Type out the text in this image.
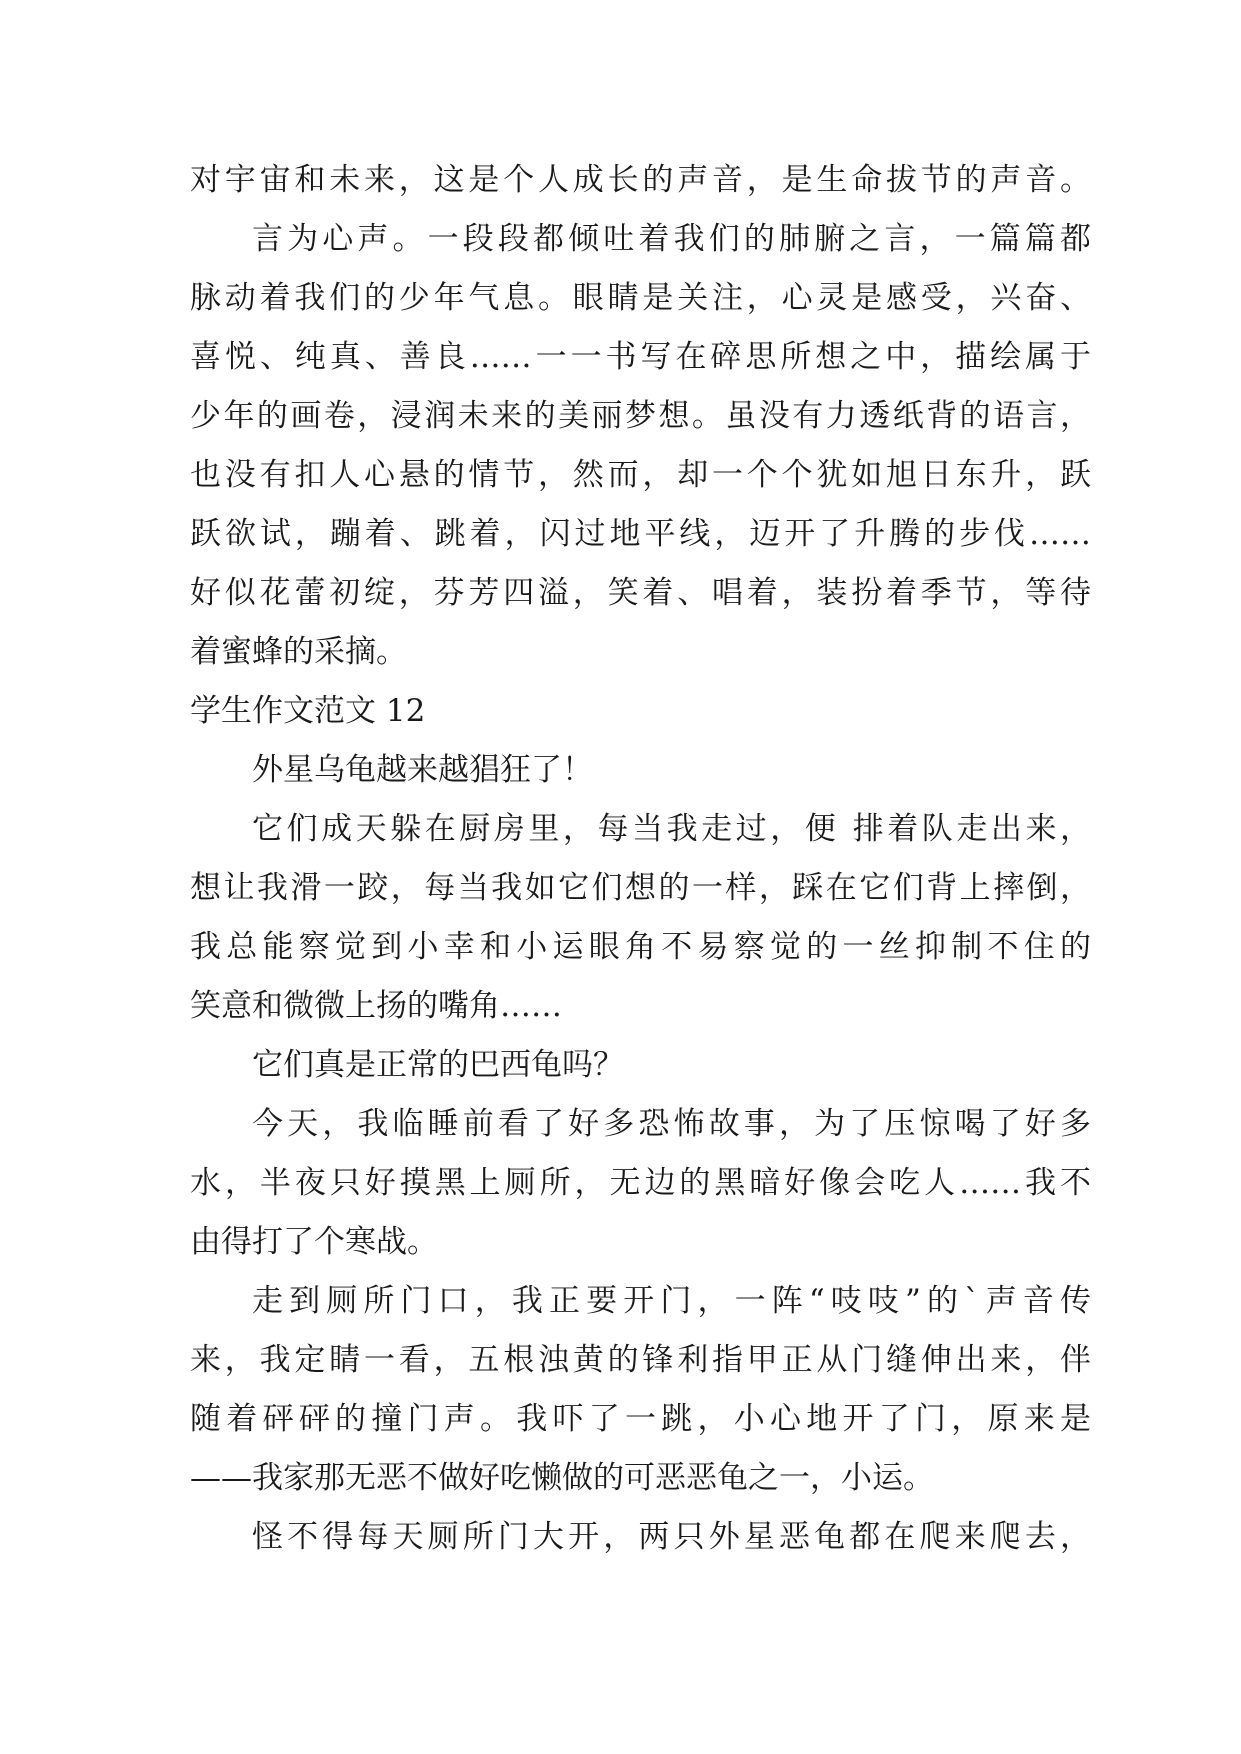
对宇宙和未来，这是个人成长的声音，是生命拔节的声音。
言为心声。一段段都倾吐着我们的肺腑之言，一篇篇都
脉动着我们的少年气息。眼睛是关注，心灵是感受，兴奋、
喜悦、纯真、善良……一一书写在碎思所想之中，描绘属于
少年的画卷，浸润未来的美丽梦想。虽没有力透纸背的语言，
也没有扣人心悬的情节，然而，却一个个犹如旭日东升，跃
跃欲试，蹦着、跳着，闪过地平线，迈开了升腾的步伐……
好似花蕾初绽，芬芳四溢，笑着、唱着，装扮着季节，等待
着蜜蜂的采摘。
学生作文范文 12
外星乌龟越来越猖狂了！
它们成天躲在厨房里，每当我走过，便 排着队走出来，
想让我滑一跤，每当我如它们想的一样，踩在它们背上摔倒，
我总能察觉到小幸和小运眼角不易察觉的一丝抑制不住的
笑意和微微上扬的嘴角……
它们真是正常的巴西龟吗？
今天，我临睡前看了好多恐怖故事，为了压惊喝了好多
水，半夜只好摸黑上厕所，无边的黑暗好像会吃人……我不
由得打了个寒战。
走到厕所门口，我正要开门，一阵“吱吱”的`声音传
来，我定睛一看，五根浊黄的锋利指甲正从门缝伸出来，伴
随着砰砰的撞门声。我吓了一跳，小心地开了门，原来是
——我家那无恶不做好吃懒做的可恶恶龟之一，小运。
怪不得每天厕所门大开，两只外星恶龟都在爬来爬去，
